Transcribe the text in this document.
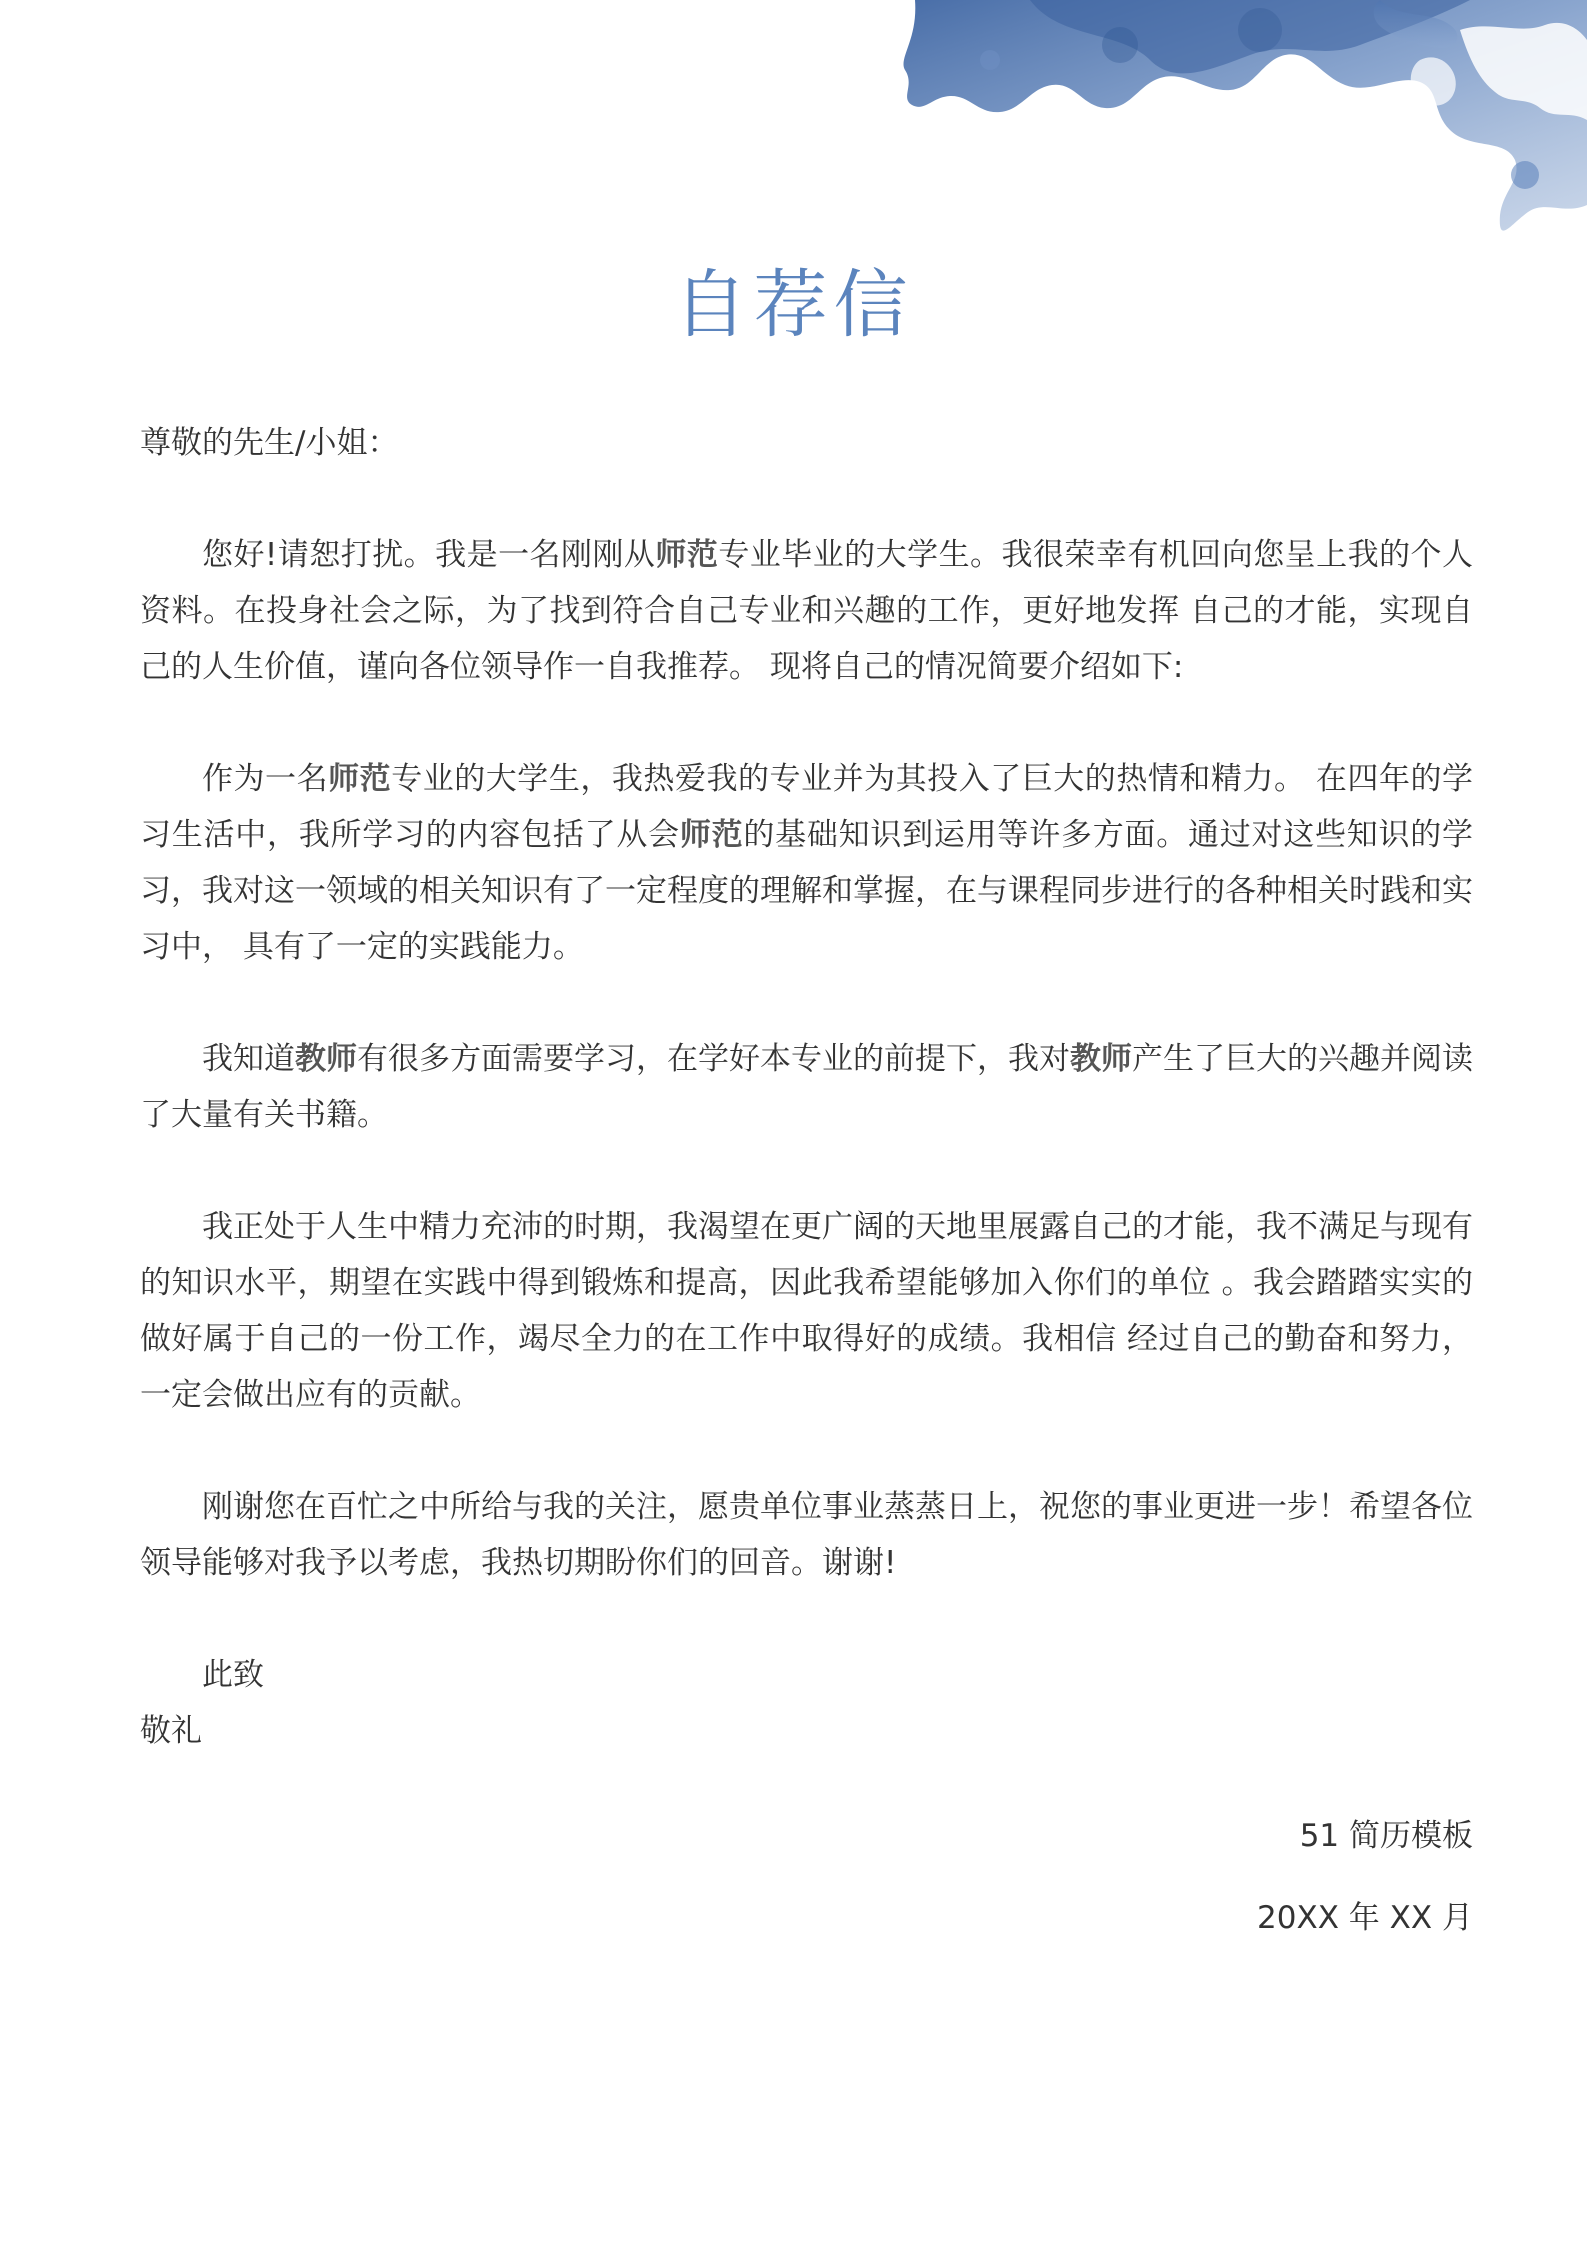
自荐信

尊敬的先生/小姐：

您好!请恕打扰。我是一名刚刚从师范专业毕业的大学生。我很荣幸有机回向您呈上我的个人资料。在投身社会之际，为了找到符合自己专业和兴趣的工作，更好地发挥 自己的才能，实现自己的人生价值，谨向各位领导作一自我推荐。 现将自己的情况简要介绍如下:

作为一名师范专业的大学生，我热爱我的专业并为其投入了巨大的热情和精力。 在四年的学习生活中，我所学习的内容包括了从会师范的基础知识到运用等许多方面。通过对这些知识的学习，我对这一领域的相关知识有了一定程度的理解和掌握，在与课程同步进行的各种相关时践和实习中， 具有了一定的实践能力。

我知道教师有很多方面需要学习，在学好本专业的前提下，我对教师产生了巨大的兴趣并阅读了大量有关书籍。

我正处于人生中精力充沛的时期，我渴望在更广阔的天地里展露自己的才能，我不满足与现有的知识水平，期望在实践中得到锻炼和提高，因此我希望能够加入你们的单位 。我会踏踏实实的做好属于自己的一份工作，竭尽全力的在工作中取得好的成绩。我相信 经过自己的勤奋和努力，一定会做出应有的贡献。

刚谢您在百忙之中所给与我的关注，愿贵单位事业蒸蒸日上，祝您的事业更进一步！希望各位领导能够对我予以考虑，我热切期盼你们的回音。谢谢!

此致

敬礼

51 简历模板
20XX 年 XX 月
